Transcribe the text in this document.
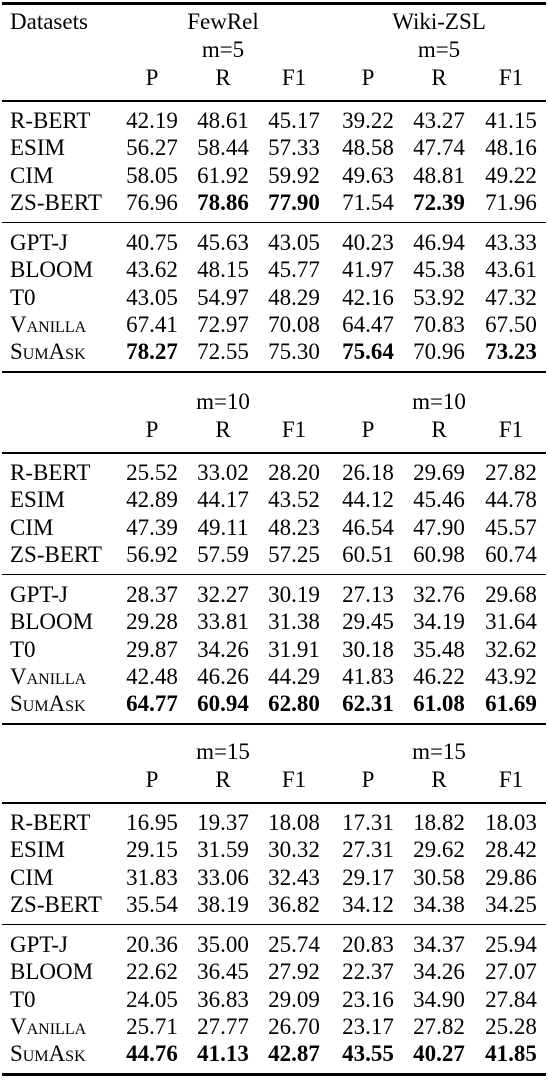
Datasets	FewRel	Wiki-ZSL
m=5	m=5
P R F1 P R F1
R-BERT 42.19 48.61 45.17 39.22 43.27 41.15
ESIM	56.27 58.44 57.33 48.58 47.74 48.16
CIM	58.05 61.92 59.92 49.63 48.81 49.22
ZS-BERT 76.96 78.86 77.90 71.54 72.39 71.96
GPT-J	40.75 45.63 43.05 40.23 46.94 43.33
BLOOM 43.62 48.15 45.77 41.97 45.38 43.61
T0	43.05 54.97 48.29 42.16 53.92 47.32
Vanilla 67.41 72.97 70.08 64.47 70.83 67.50
SumAsk 78.27 72.55 75.30 75.64 70.96 73.23
m=10	m=10
P R F1 P R F1
R-BERT 25.52 33.02 28.20 26.18 29.69 27.82
ESIM	42.89 44.17 43.52 44.12 45.46 44.78
CIM	47.39 49.11 48.23 46.54 47.90 45.57
ZS-BERT 56.92 57.59 57.25 60.51 60.98 60.74
GPT-J	28.37 32.27 30.19 27.13 32.76 29.68
BLOOM 29.28 33.81 31.38 29.45 34.19 31.64
T0	29.87 34.26 31.91 30.18 35.48 32.62
Vanilla 42.48 46.26 44.29 41.83 46.22 43.92
SumAsk 64.77 60.94 62.80 62.31 61.08 61.69
m=15	m=15
P R F1 P R F1
R-BERT 16.95 19.37 18.08 17.31 18.82 18.03
ESIM	29.15 31.59 30.32 27.31 29.62 28.42
CIM	31.83 33.06 32.43 29.17 30.58 29.86
ZS-BERT 35.54 38.19 36.82 34.12 34.38 34.25
GPT-J	20.36 35.00 25.74 20.83 34.37 25.94
BLOOM 22.62 36.45 27.92 22.37 34.26 27.07
T0	24.05 36.83 29.09 23.16 34.90 27.84
Vanilla 25.71 27.77 26.70 23.17 27.82 25.28
SumAsk 44.76 41.13 42.87 43.55 40.27 41.85
